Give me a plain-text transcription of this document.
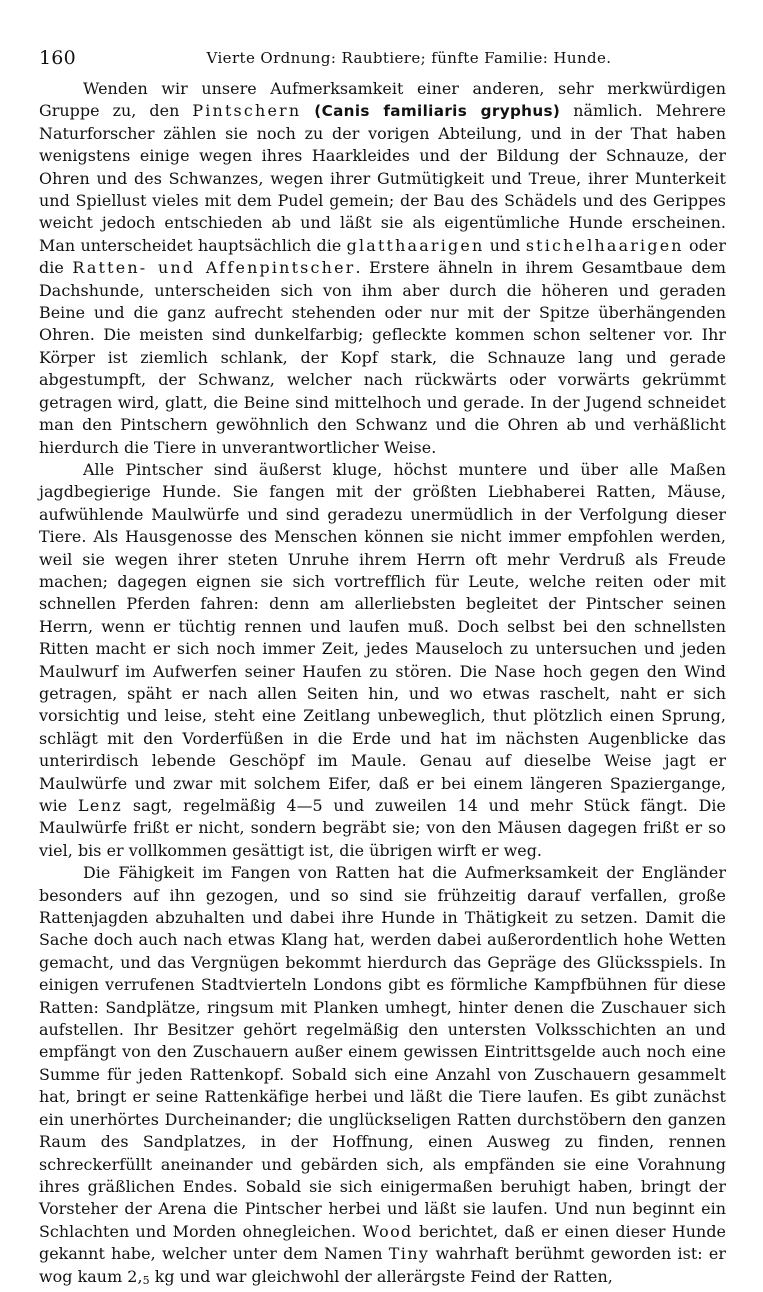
160	Vierte Ordnung: Raubtiere; fünfte Familie: Hunde.

Wenden wir unsere Aufmerksamkeit einer anderen, sehr merkwürdigen Gruppe zu, den Pintschern (Canis familiaris gryphus) nämlich. Mehrere Naturforscher zählen sie noch zu der vorigen Abteilung, und in der That haben wenigstens einige wegen ihres Haarkleides und der Bildung der Schnauze, der Ohren und des Schwanzes, wegen ihrer Gutmütigkeit und Treue, ihrer Munterkeit und Spiellust vieles mit dem Pudel gemein; der Bau des Schädels und des Gerippes weicht jedoch entschieden ab und läßt sie als eigentümliche Hunde erscheinen. Man unterscheidet hauptsächlich die glatthaarigen und stichelhaarigen oder die Ratten- und Affenpintscher. Erstere ähneln in ihrem Gesamtbaue dem Dachshunde, unterscheiden sich von ihm aber durch die höheren und geraden Beine und die ganz aufrecht stehenden oder nur mit der Spitze überhängenden Ohren. Die meisten sind dunkelfarbig; gefleckte kommen schon seltener vor. Ihr Körper ist ziemlich schlank, der Kopf stark, die Schnauze lang und gerade abgestumpft, der Schwanz, welcher nach rückwärts oder vorwärts gekrümmt getragen wird, glatt, die Beine sind mittelhoch und gerade. In der Jugend schneidet man den Pintschern gewöhnlich den Schwanz und die Ohren ab und verhäßlicht hierdurch die Tiere in unverantwortlicher Weise.

Alle Pintscher sind äußerst kluge, höchst muntere und über alle Maßen jagdbegierige Hunde. Sie fangen mit der größten Liebhaberei Ratten, Mäuse, aufwühlende Maulwürfe und sind geradezu unermüdlich in der Verfolgung dieser Tiere. Als Hausgenosse des Menschen können sie nicht immer empfohlen werden, weil sie wegen ihrer steten Unruhe ihrem Herrn oft mehr Verdruß als Freude machen; dagegen eignen sie sich vortrefflich für Leute, welche reiten oder mit schnellen Pferden fahren: denn am allerliebsten begleitet der Pintscher seinen Herrn, wenn er tüchtig rennen und laufen muß. Doch selbst bei den schnellsten Ritten macht er sich noch immer Zeit, jedes Mauseloch zu untersuchen und jeden Maulwurf im Aufwerfen seiner Haufen zu stören. Die Nase hoch gegen den Wind getragen, späht er nach allen Seiten hin, und wo etwas raschelt, naht er sich vorsichtig und leise, steht eine Zeitlang unbeweglich, thut plötzlich einen Sprung, schlägt mit den Vorderfüßen in die Erde und hat im nächsten Augenblicke das unterirdisch lebende Geschöpf im Maule. Genau auf dieselbe Weise jagt er Maulwürfe und zwar mit solchem Eifer, daß er bei einem längeren Spaziergange, wie Lenz sagt, regelmäßig 4—5 und zuweilen 14 und mehr Stück fängt. Die Maulwürfe frißt er nicht, sondern begräbt sie; von den Mäusen dagegen frißt er so viel, bis er vollkommen gesättigt ist, die übrigen wirft er weg.

Die Fähigkeit im Fangen von Ratten hat die Aufmerksamkeit der Engländer besonders auf ihn gezogen, und so sind sie frühzeitig darauf verfallen, große Rattenjagden abzuhalten und dabei ihre Hunde in Thätigkeit zu setzen. Damit die Sache doch auch nach etwas Klang hat, werden dabei außerordentlich hohe Wetten gemacht, und das Vergnügen bekommt hierdurch das Gepräge des Glücksspiels. In einigen verrufenen Stadtvierteln Londons gibt es förmliche Kampfbühnen für diese Ratten: Sandplätze, ringsum mit Planken umhegt, hinter denen die Zuschauer sich aufstellen. Ihr Besitzer gehört regelmäßig den untersten Volksschichten an und empfängt von den Zuschauern außer einem gewissen Eintrittsgelde auch noch eine Summe für jeden Rattenkopf. Sobald sich eine Anzahl von Zuschauern gesammelt hat, bringt er seine Rattenkäfige herbei und läßt die Tiere laufen. Es gibt zunächst ein unerhörtes Durcheinander; die unglückseligen Ratten durchstöbern den ganzen Raum des Sandplatzes, in der Hoffnung, einen Ausweg zu finden, rennen schreckerfüllt aneinander und gebärden sich, als empfänden sie eine Vorahnung ihres gräßlichen Endes. Sobald sie sich einigermaßen beruhigt haben, bringt der Vorsteher der Arena die Pintscher herbei und läßt sie laufen. Und nun beginnt ein Schlachten und Morden ohnegleichen. Wood berichtet, daß er einen dieser Hunde gekannt habe, welcher unter dem Namen Tiny wahrhaft berühmt geworden ist: er wog kaum 2,5 kg und war gleichwohl der allerärgste Feind der Ratten,
